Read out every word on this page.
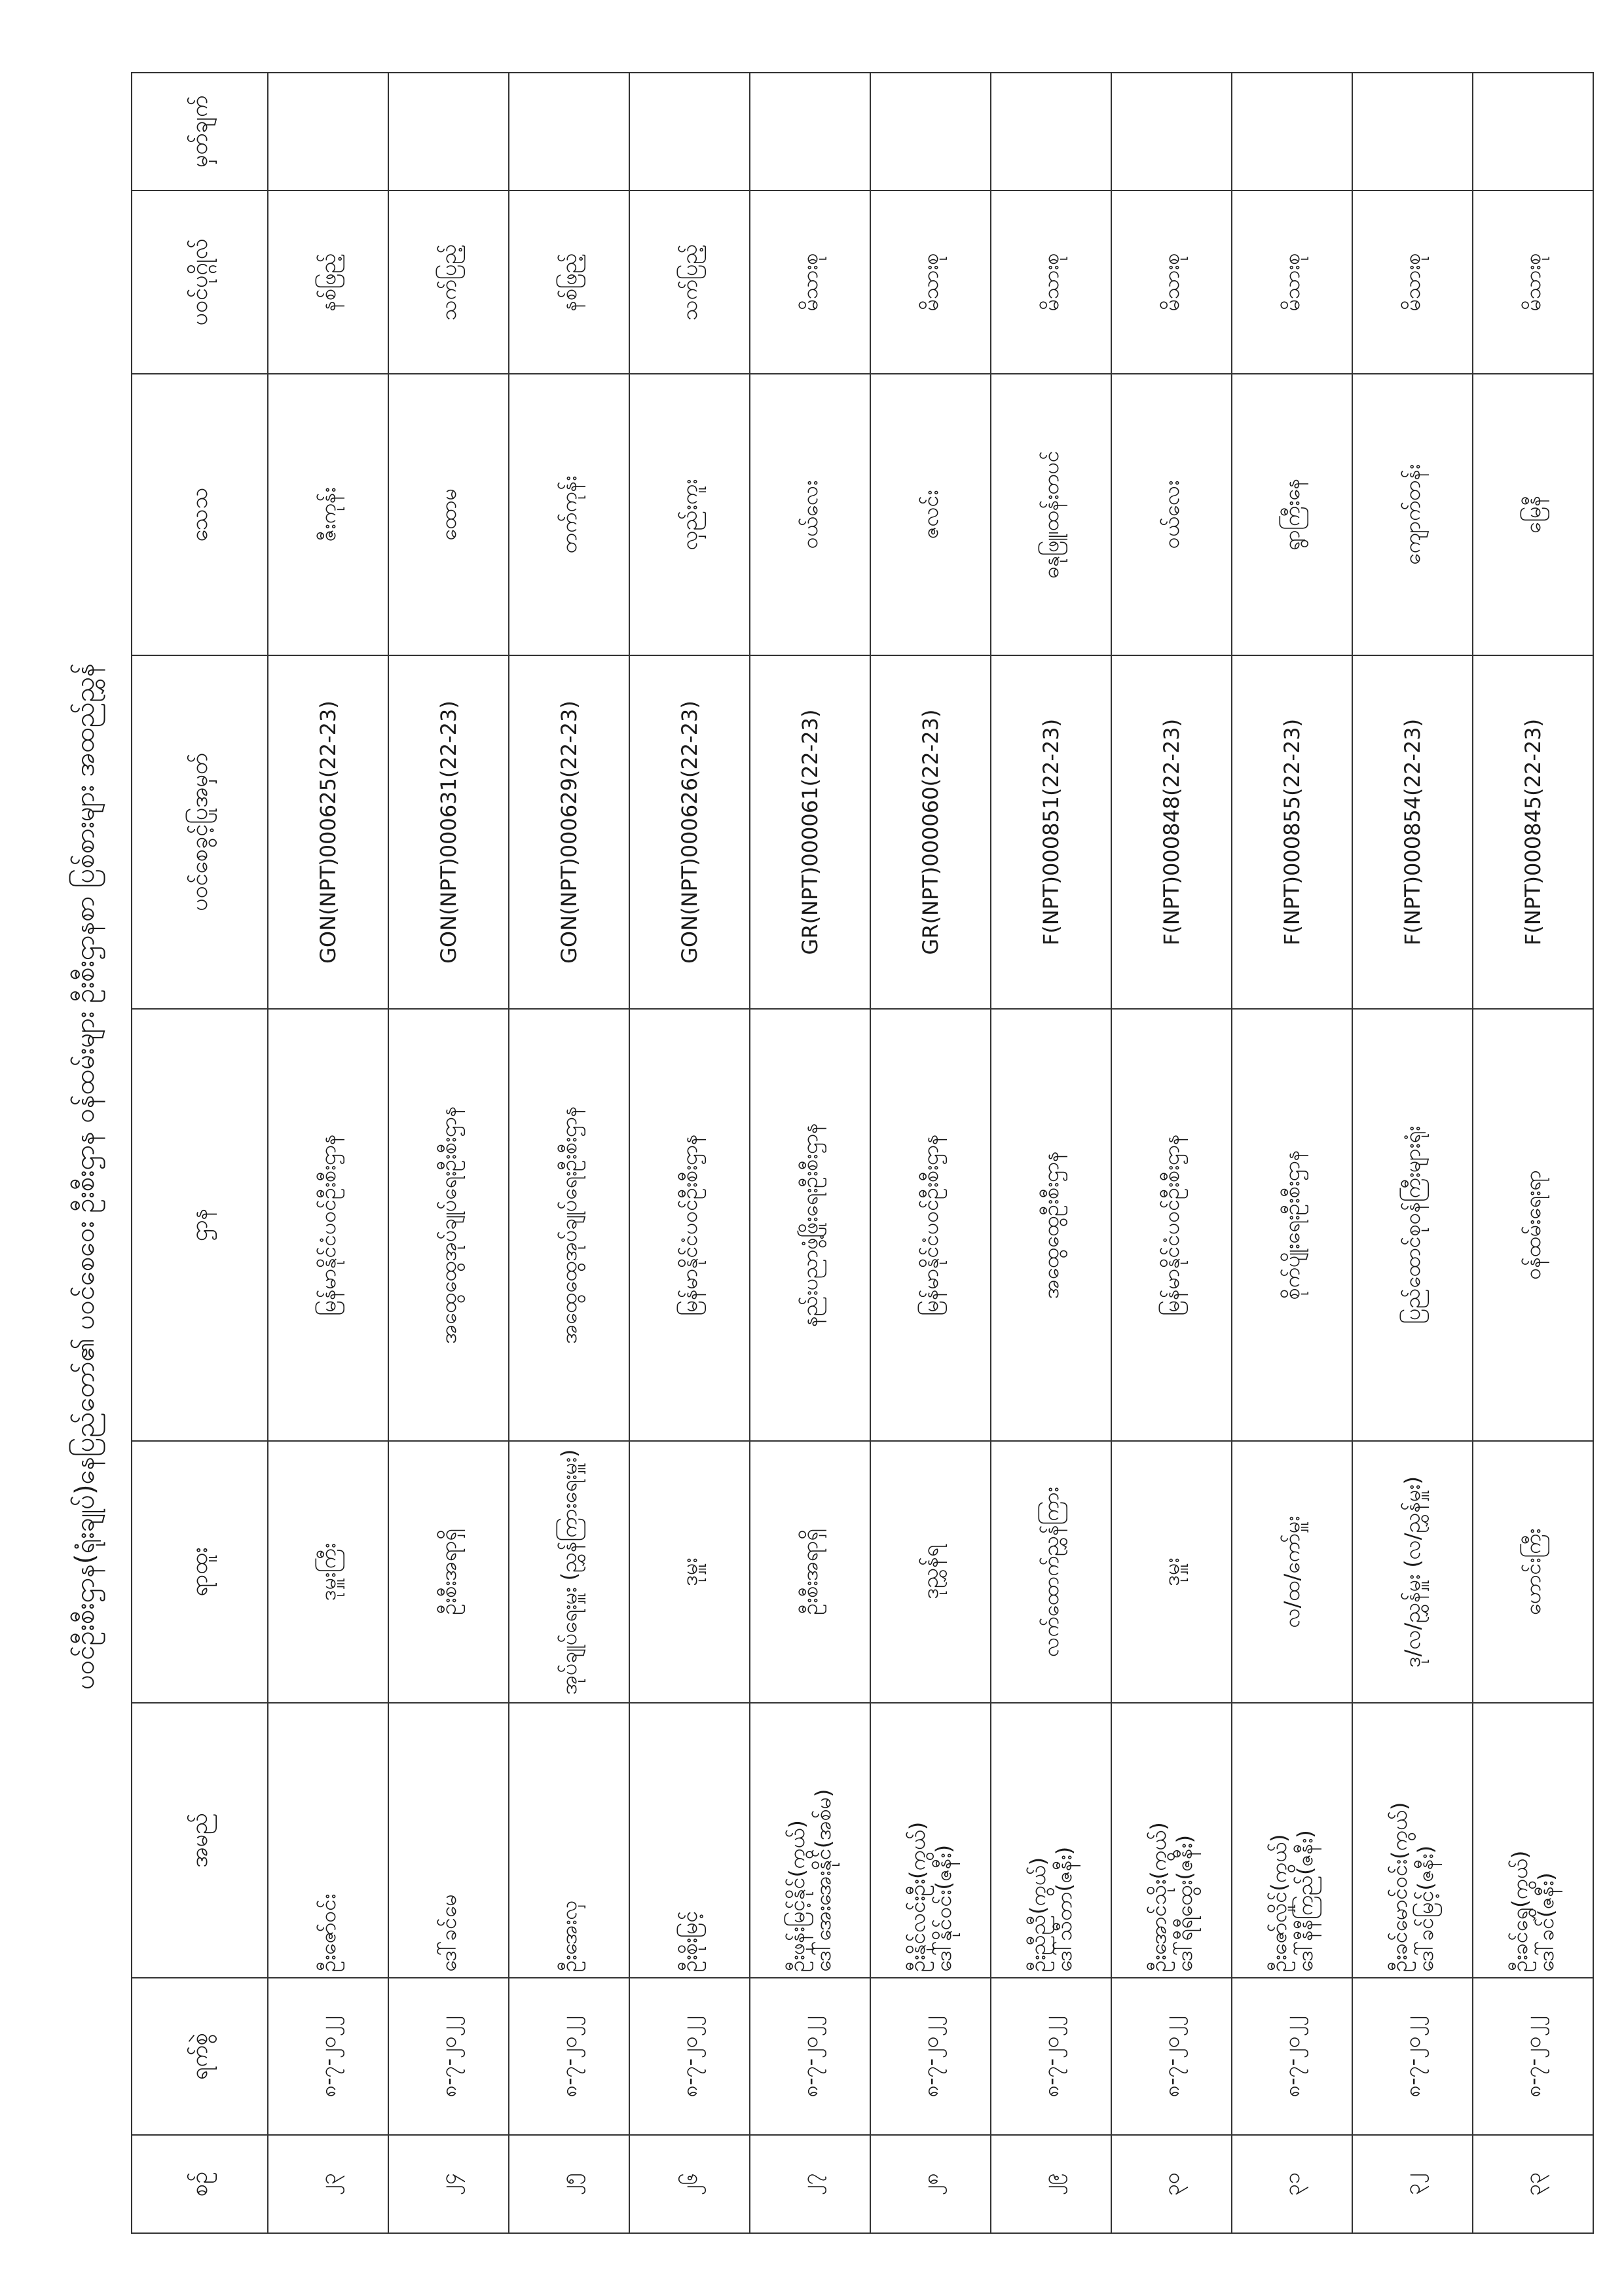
ပဝင်ဦးစီးဌာန(ရုံးချုပ်)နေပြည်တော်၏ ပဝင်စေဝေး ဦးစီးဌာန ဝန်ထမ်းများ ဦးစီးဌာနစာ ပြစ်စားများ အထည်ညွှန်
စဉ်	ရက်စွဲ	အမည်	ရာထူး	ဌာန	ပဝင်စေခွင့်ပြုအမှတ်	သေသ	ပဝင်ပုဂ္ဂိုလ်	မှတ်ချက်
၂၃	၈-၇-၂၀၂၂	ဦးဇော်ဝင်း	ဒုမှူးကြီး	မြန်မာနိုင်ငံပဝင်ဦးစီးဌာန	GON(NPT)000625(22-23)	ဇီးကုန်း	နစ်ဖြည့်	
၂၄	၈-၇-၂၀၂၂	ဒေါ်ခင်မေ	ဦးစီးအရာရှိ	အထွေထွေအုပ်ချုပ်ရေးဦးစီးဌာန	GON(NPT)000631(22-23)	ထောမ	သက်ပြည့်	
၂၅	၈-၇-၂၀၂၂	ဦးအေးလှ	အုပ်ချုပ်ရေးမှူး (ညွှန်ကြားရေးမှူး)	အထွေထွေအုပ်ချုပ်ရေးဦးစီးဌာန	GON(NPT)000629(22-23)	တက်ကုန်း	နစ်ဖြည့်	
၂၆	၈-၇-၂၀၂၂	ဦးစိုးမြင့်	ဒုမှူး	မြန်မာနိုင်ငံပဝင်ဦးစီးဌာန	GON(NPT)000626(22-23)	လှည်းကူး	သက်ပြည့်	
၂၇	၈-၇-၂၀၂၂	ဦးဖုန်းမြင့်နိုင်(ကွယ်) ဒေါ်အေးအေးနိုင်(အစ်မ)	ဦးစီးအရာရှိ	နည်းပညာဖွံ့ဖြိုးရေးဦးစီးဌာန	GR(NPT)000061(22-23)	ဝယ်လေး	မိသားစု	
၂၈	၈-၇-၂၀၂၂	ဦးနိုင်လင်းဦး(ကွယ်) ဒေါ်နိုင်ဝင်း(ဇနီး)	ဒုညွှန်ရ	မြန်မာနိုင်ငံပဝင်ဦးစီးဌာန	GR(NPT)000060(22-23)	ဇလင်း	မိသားစု	
၂၉	၈-၇-၂၀၂၂	ဦးညီညီ(ကွယ်) ဒေါ်သီတာ(ဇနီး)	လက်ထောက်ညွှန်ကြား	အထွေထွေဦးစီးဌာန	F(NPT)000851(22-23)	ဓနုဖြူ၊ထန်းတပင်	မိသားစု	
၃၀	၈-၇-၂၀၂၂	ဦးအောင်သိုး(ကွယ်) ဒေါ်ရီရီထွေး(ဇနီး)	ဒုမှူး	မြန်မာနိုင်ငံပဝင်ဦးစီးဌာန	F(NPT)000848(22-23)	ဝယ်လေး	မိသားစု	
၃၁	၈-၇-၂၀၂၂	ဦးဇော်လှိုင်(ကွယ်) ဒေါ်နီနီကြည်(ဇနီး)	လ/ထ/ကော်မှူး	စိုက်ပျိုးရေးဦးစီးဌာန	F(NPT)000855(22-23)	ရွာကြီးနေ	မိသားစု	
၃၂	၈-၇-၂၀၂၂	ဦးခင်မောင်ဝင်း(ကွယ်) ဒေါ်ခင်မြင့်(ဇနီး)	ဒု/လ/ညွှန်မှူး (လ/ညွှန်မှူး)	ပြည်ထောင်စုဝန်ကြီးများရုံး	F(NPT)000854(22-23)	ကျောက်တန်း	မိသားစု	
၃၃	၈-၇-၂၀၂၂	ဦးခင်ရွှေ(ကွယ်) ဒေါ်ခင်(ဇနီး)	ဟောင်းကြီး	ဝန်ထမ်းရေးရာ	F(NPT)000845(22-23)	မြေနီ	မိသားစု	
